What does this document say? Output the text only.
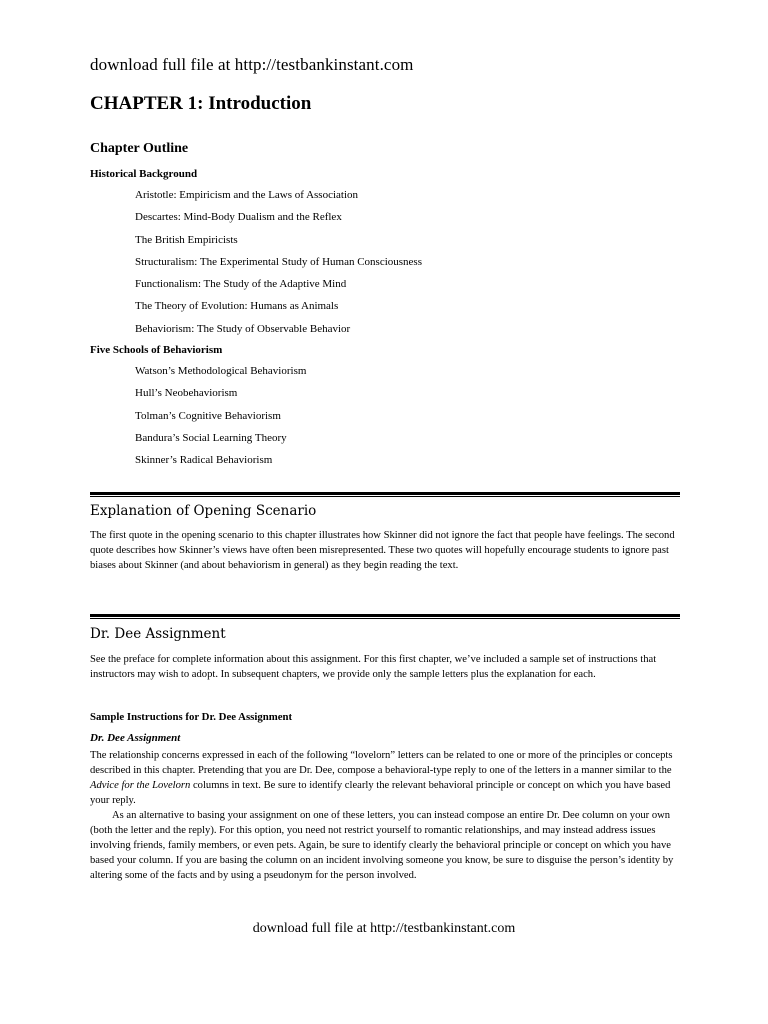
download full file at http://testbankinstant.com
CHAPTER 1: Introduction
Chapter Outline
Historical Background
Aristotle: Empiricism and the Laws of Association
Descartes: Mind-Body Dualism and the Reflex
The British Empiricists
Structuralism: The Experimental Study of Human Consciousness
Functionalism: The Study of the Adaptive Mind
The Theory of Evolution: Humans as Animals
Behaviorism: The Study of Observable Behavior
Five Schools of Behaviorism
Watson’s Methodological Behaviorism
Hull’s Neobehaviorism
Tolman’s Cognitive Behaviorism
Bandura’s Social Learning Theory
Skinner’s Radical Behaviorism
Explanation of Opening Scenario
The first quote in the opening scenario to this chapter illustrates how Skinner did not ignore the fact that people have feelings. The second quote describes how Skinner’s views have often been misrepresented. These two quotes will hopefully encourage students to ignore past biases about Skinner (and about behaviorism in general) as they begin reading the text.
Dr. Dee Assignment
See the preface for complete information about this assignment. For this first chapter, we’ve included a sample set of instructions that instructors may wish to adopt. In subsequent chapters, we provide only the sample letters plus the explanation for each.
Sample Instructions for Dr. Dee Assignment
Dr. Dee Assignment
The relationship concerns expressed in each of the following “lovelorn” letters can be related to one or more of the principles or concepts described in this chapter. Pretending that you are Dr. Dee, compose a behavioral-type reply to one of the letters in a manner similar to the Advice for the Lovelorn columns in text. Be sure to identify clearly the relevant behavioral principle or concept on which you have based your reply.
As an alternative to basing your assignment on one of these letters, you can instead compose an entire Dr. Dee column on your own (both the letter and the reply). For this option, you need not restrict yourself to romantic relationships, and may instead address issues involving friends, family members, or even pets. Again, be sure to identify clearly the behavioral principle or concept on which you have based your column. If you are basing the column on an incident involving someone you know, be sure to disguise the person’s identity by altering some of the facts and by using a pseudonym for the person involved.
download full file at http://testbankinstant.com
